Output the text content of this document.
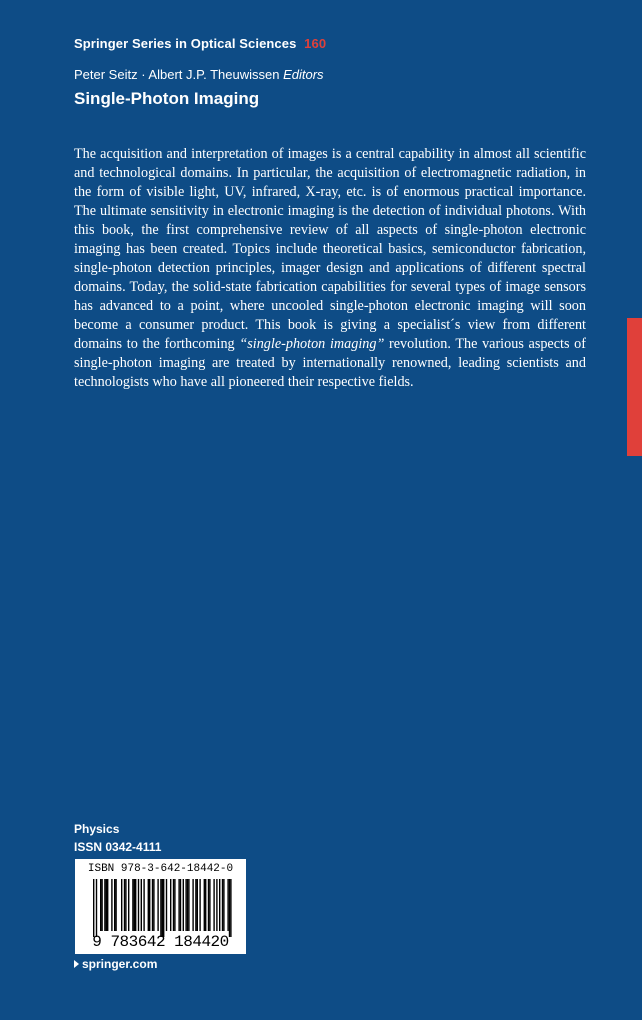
Springer Series in Optical Sciences 160
Peter Seitz · Albert J.P. Theuwissen Editors
Single-Photon Imaging
The acquisition and interpretation of images is a central capability in almost all scientific and technological domains. In particular, the acquisition of electromagnetic radiation, in the form of visible light, UV, infrared, X-ray, etc. is of enormous practical importance. The ultimate sensitivity in electronic imaging is the detection of individual photons. With this book, the first comprehensive review of all aspects of single-photon electronic imaging has been created. Topics include theoretical basics, semiconductor fabrication, single-photon detection principles, imager design and applications of different spectral domains. Today, the solid-state fabrication capabilities for several types of image sensors has advanced to a point, where uncooled single-photon electronic imaging will soon become a consumer product. This book is giving a specialist´s view from different domains to the forthcoming “single-photon imaging” revolution. The various aspects of single-photon imaging are treated by internationally renowned, leading scientists and technologists who have all pioneered their respective fields.
Physics
ISSN 0342-4111
ISBN 978-3-642-18442-0
9 783642 184420
springer.com
